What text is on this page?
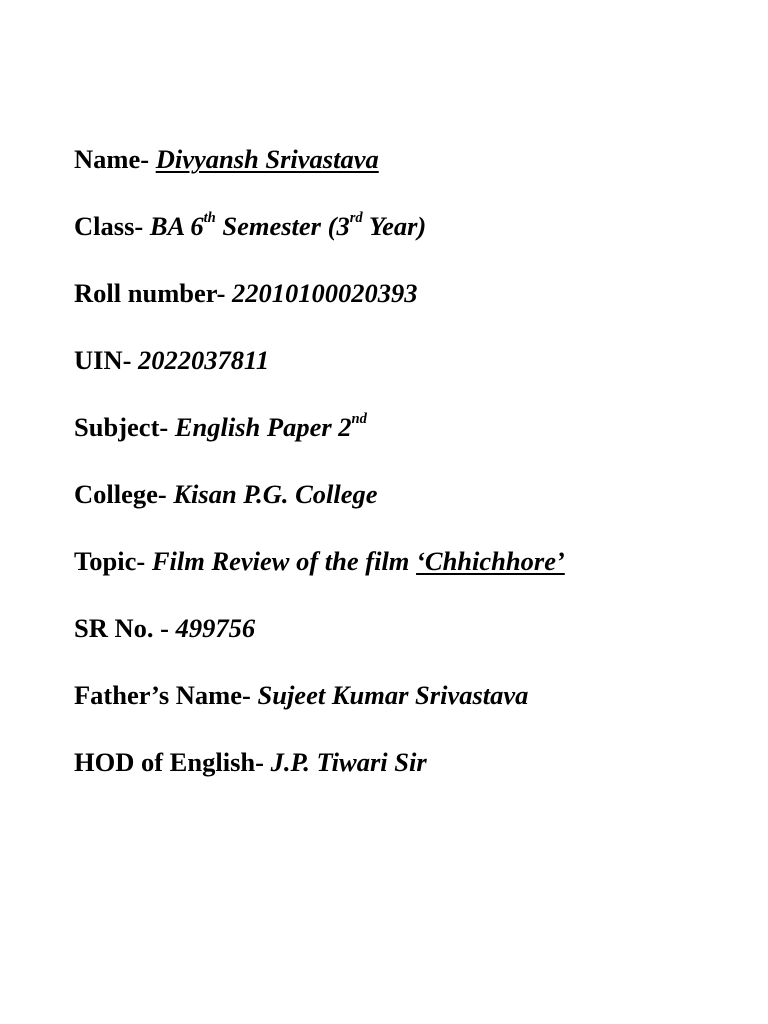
Name- Divyansh Srivastava
Class- BA 6th Semester (3rd Year)
Roll number- 22010100020393
UIN- 2022037811
Subject- English Paper 2nd
College- Kisan P.G. College
Topic- Film Review of the film ‘Chhichhore’
SR No. - 499756
Father’s Name- Sujeet Kumar Srivastava
HOD of English- J.P. Tiwari Sir
